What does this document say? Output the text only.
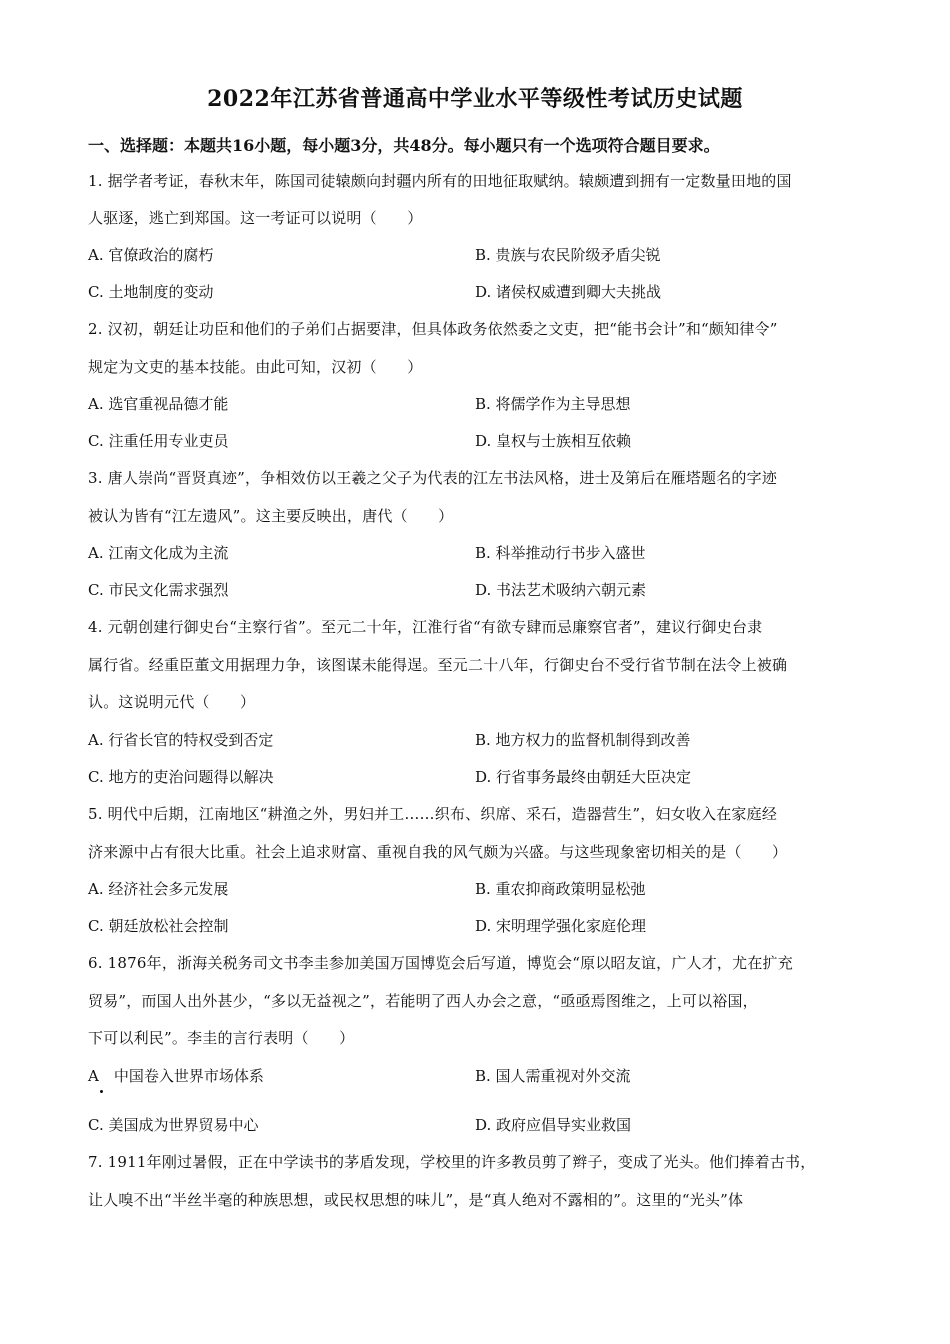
2022年江苏省普通高中学业水平等级性考试历史试题
一、选择题：本题共16小题，每小题3分，共48分。每小题只有一个选项符合题目要求。
1. 据学者考证，春秋末年，陈国司徒辕颇向封疆内所有的田地征取赋纳。辕颇遭到拥有一定数量田地的国
人驱逐，逃亡到郑国。这一考证可以说明（　　）
A. 官僚政治的腐朽	B. 贵族与农民阶级矛盾尖锐
C. 土地制度的变动	D. 诸侯权威遭到卿大夫挑战
2. 汉初，朝廷让功臣和他们的子弟们占据要津，但具体政务依然委之文吏，把“能书会计”和“颇知律令”
规定为文吏的基本技能。由此可知，汉初（　　）
A. 选官重视品德才能	B. 将儒学作为主导思想
C. 注重任用专业吏员	D. 皇权与士族相互依赖
3. 唐人崇尚“晋贤真迹”，争相效仿以王羲之父子为代表的江左书法风格，进士及第后在雁塔题名的字迹
被认为皆有“江左遗风”。这主要反映出，唐代（　　）
A. 江南文化成为主流	B. 科举推动行书步入盛世
C. 市民文化需求强烈	D. 书法艺术吸纳六朝元素
4. 元朝创建行御史台“主察行省”。至元二十年，江淮行省“有欲专肆而忌廉察官者”，建议行御史台隶
属行省。经重臣董文用据理力争，该图谋未能得逞。至元二十八年，行御史台不受行省节制在法令上被确
认。这说明元代（　　）
A. 行省长官的特权受到否定	B. 地方权力的监督机制得到改善
C. 地方的吏治问题得以解决	D. 行省事务最终由朝廷大臣决定
5. 明代中后期，江南地区“耕渔之外，男妇并工……织布、织席、采石，造器营生”，妇女收入在家庭经
济来源中占有很大比重。社会上追求财富、重视自我的风气颇为兴盛。与这些现象密切相关的是（　　）
A. 经济社会多元发展	B. 重农抑商政策明显松弛
C. 朝廷放松社会控制	D. 宋明理学强化家庭伦理
6. 1876年，浙海关税务司文书李圭参加美国万国博览会后写道，博览会“原以昭友谊，广人才，尤在扩充
贸易”，而国人出外甚少，“多以无益视之”，若能明了西人办会之意，“亟亟焉图维之，上可以裕国，
下可以利民”。李圭的言行表明（　　）
A　中国卷入世界市场体系	B. 国人需重视对外交流
C. 美国成为世界贸易中心	D. 政府应倡导实业救国
7. 1911年刚过暑假，正在中学读书的茅盾发现，学校里的许多教员剪了辫子，变成了光头。他们捧着古书，
让人嗅不出“半丝半毫的种族思想，或民权思想的味儿”，是“真人绝对不露相的”。这里的“光头”体
